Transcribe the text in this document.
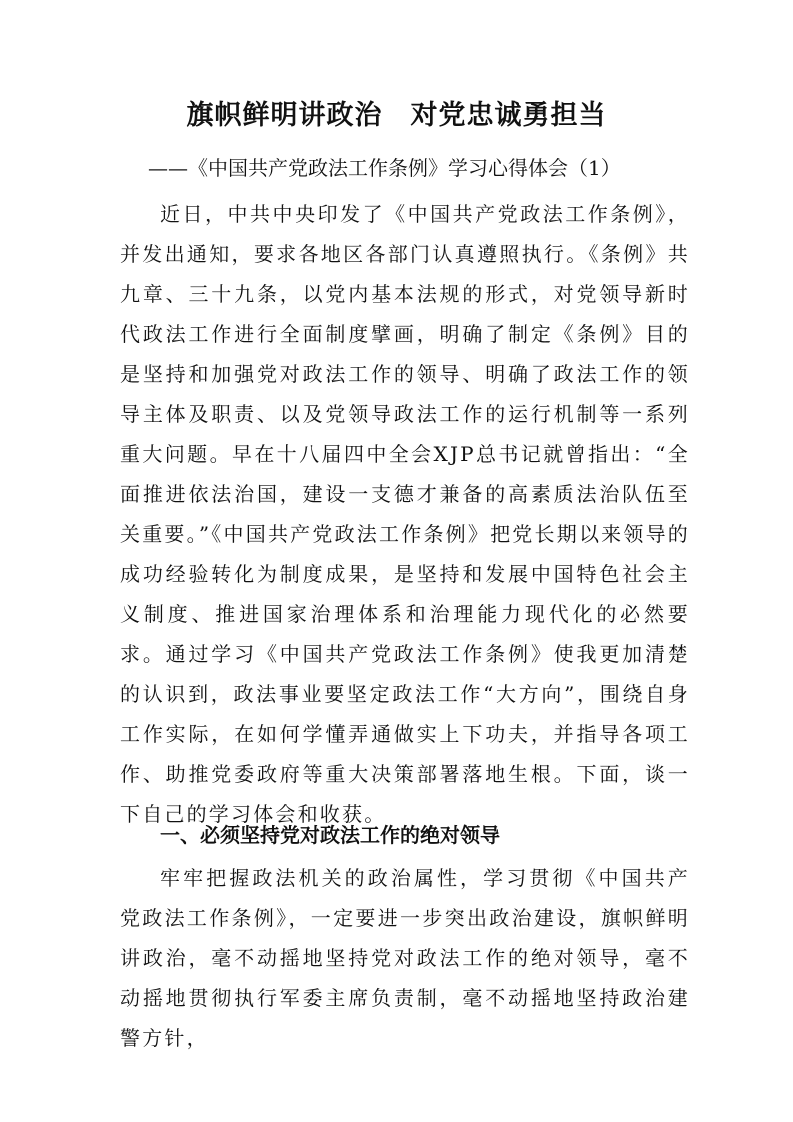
旗帜鲜明讲政治　对党忠诚勇担当
——《中国共产党政法工作条例》学习心得体会（1）

近日，中共中央印发了《中国共产党政法工作条例》，并发出通知，要求各地区各部门认真遵照执行。《条例》共九章、三十九条，以党内基本法规的形式，对党领导新时代政法工作进行全面制度擘画，明确了制定《条例》目的是坚持和加强党对政法工作的领导、明确了政法工作的领导主体及职责、以及党领导政法工作的运行机制等一系列重大问题。早在十八届四中全会XJP总书记就曾指出：“全面推进依法治国，建设一支德才兼备的高素质法治队伍至关重要。”《中国共产党政法工作条例》把党长期以来领导的成功经验转化为制度成果，是坚持和发展中国特色社会主义制度、推进国家治理体系和治理能力现代化的必然要求。通过学习《中国共产党政法工作条例》使我更加清楚的认识到，政法事业要坚定政法工作“大方向”，围绕自身工作实际，在如何学懂弄通做实上下功夫，并指导各项工作、助推党委政府等重大决策部署落地生根。下面，谈一下自己的学习体会和收获。

一、必须坚持党对政法工作的绝对领导

牢牢把握政法机关的政治属性，学习贯彻《中国共产党政法工作条例》，一定要进一步突出政治建设，旗帜鲜明讲政治，毫不动摇地坚持党对政法工作的绝对领导，毫不动摇地贯彻执行军委主席负责制，毫不动摇地坚持政治建警方针，
